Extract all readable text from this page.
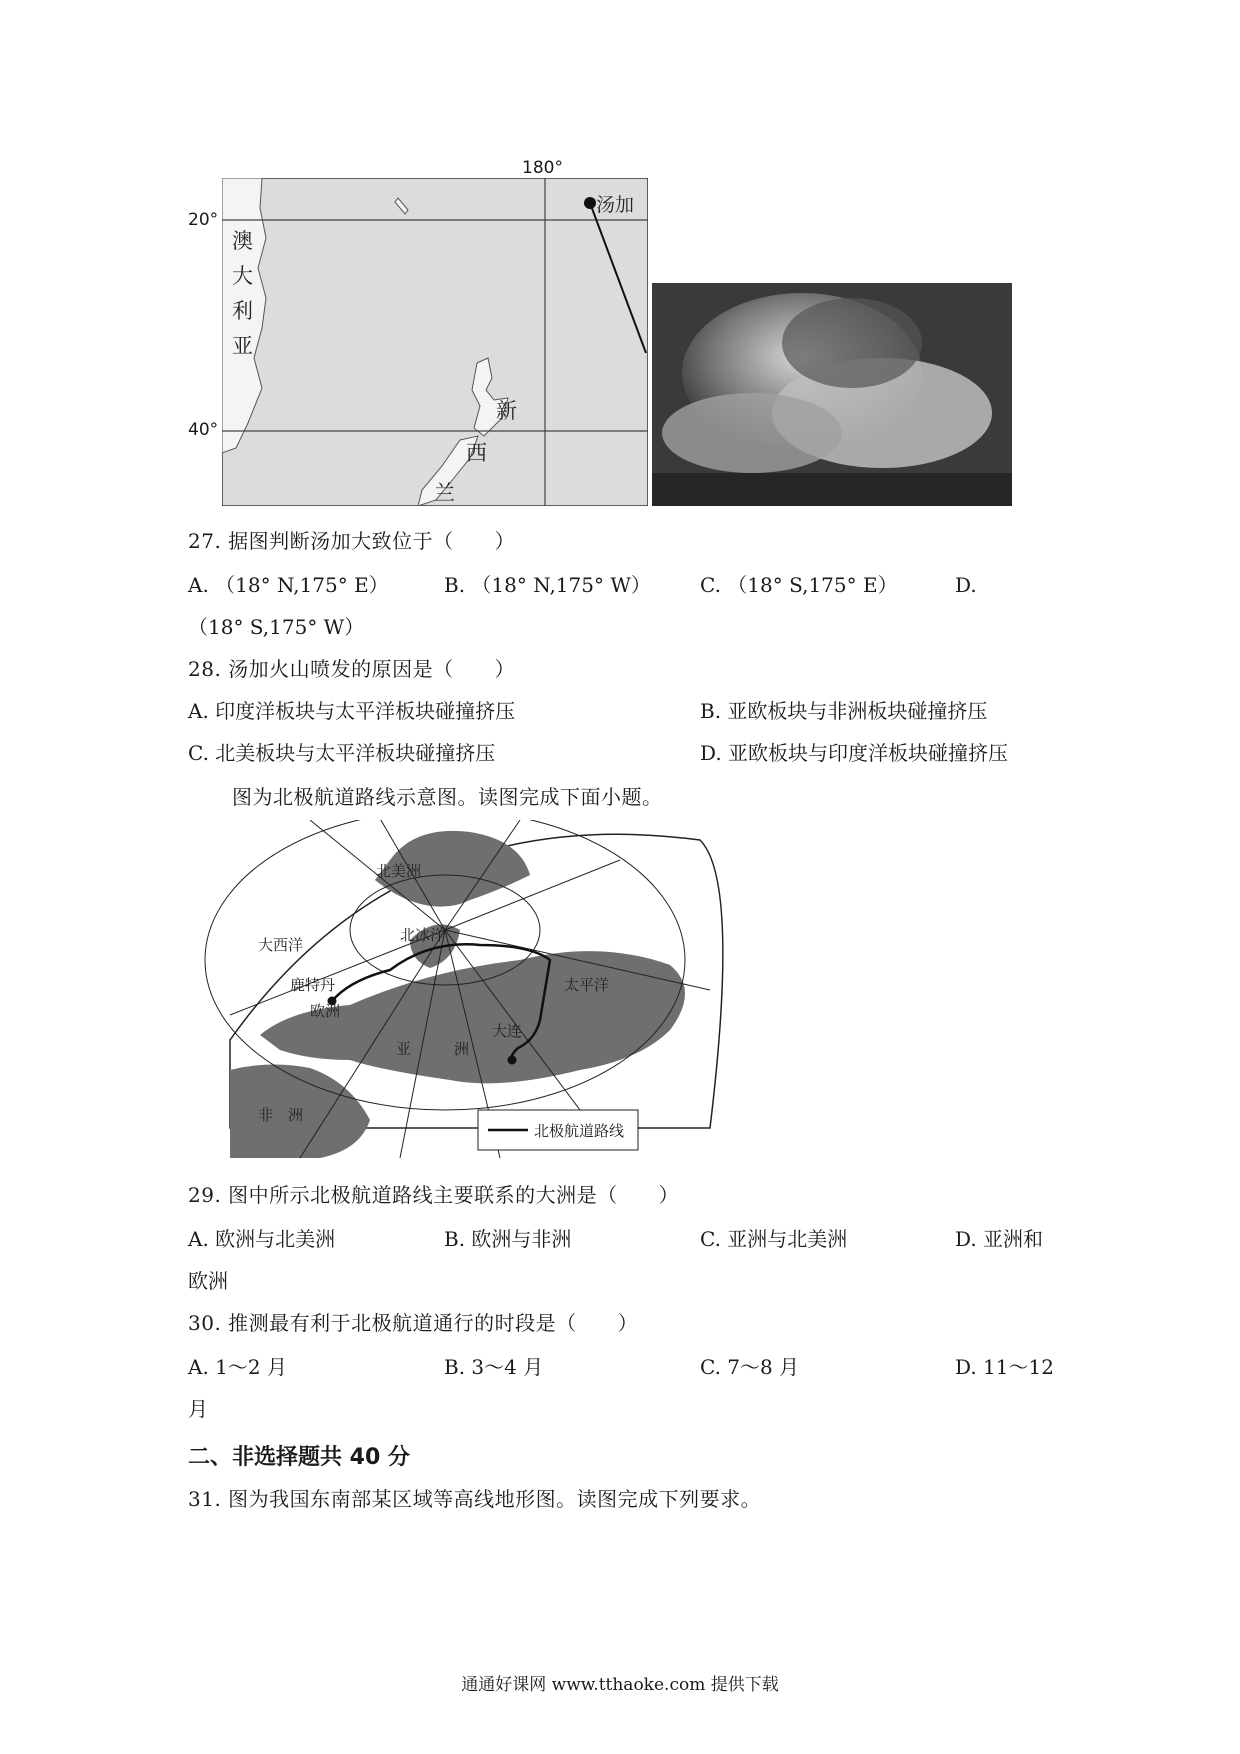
汤加
澳
大
利
亚
新
西
兰
180°
20°
40°
27. 据图判断汤加大致位于（　　）
A. （18° N,175° E）	B. （18° N,175° W） C. （18° S,175° E）	D.
（18° S,175° W）
28. 汤加火山喷发的原因是（　　）
A. 印度洋板块与太平洋板块碰撞挤压	B. 亚欧板块与非洲板块碰撞挤压
C. 北美板块与太平洋板块碰撞挤压	D. 亚欧板块与印度洋板块碰撞挤压
图为北极航道路线示意图。读图完成下面小题。
北美洲
大西洋
北冰洋
太平洋
鹿特丹
欧洲
亚	洲
大连
非 洲
北极航道路线
29. 图中所示北极航道路线主要联系的大洲是（　　）
A. 欧洲与北美洲	B. 欧洲与非洲	C. 亚洲与北美洲	D. 亚洲和
欧洲
30. 推测最有利于北极航道通行的时段是（　　）
A. 1～2 月	B. 3～4 月	C. 7～8 月	D. 11～12
月
二、非选择题共 40 分
31. 图为我国东南部某区域等高线地形图。读图完成下列要求。
通通好课网 www.tthaoke.com 提供下载
